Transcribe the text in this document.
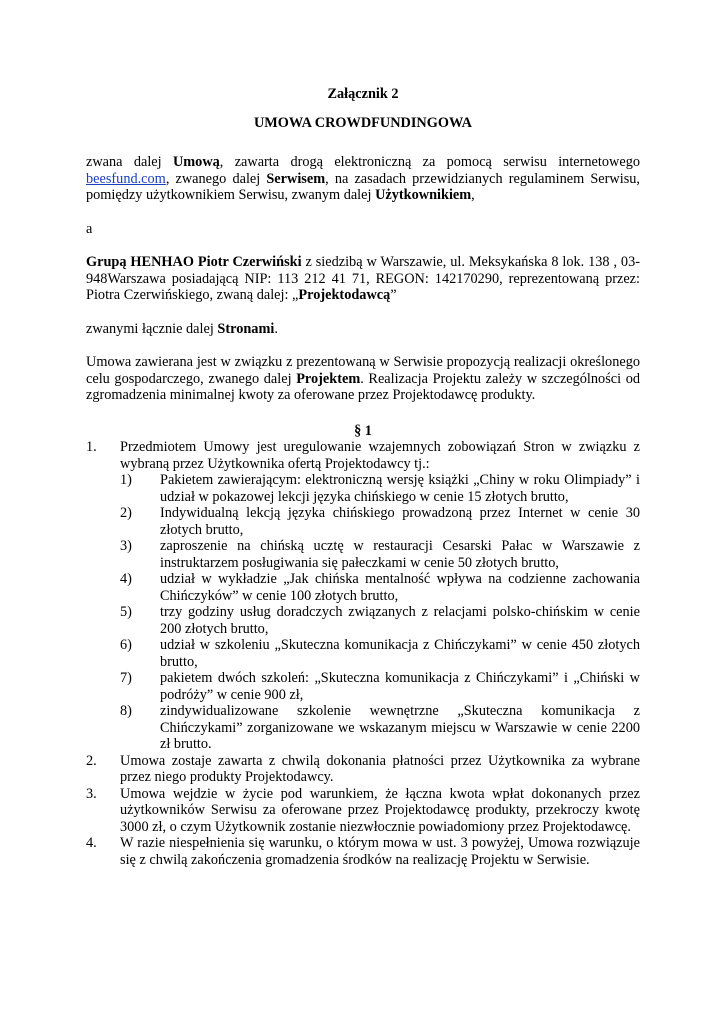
Załącznik 2
UMOWA CROWDFUNDINGOWA

zwana dalej Umową, zawarta drogą elektroniczną za pomocą serwisu internetowego beesfund.com, zwanego dalej Serwisem, na zasadach przewidzianych regulaminem Serwisu, pomiędzy użytkownikiem Serwisu, zwanym dalej Użytkownikiem,

a

Grupą HENHAO Piotr Czerwiński z siedzibą w Warszawie, ul. Meksykańska 8 lok. 138 , 03-948Warszawa posiadającą NIP: 113 212 41 71, REGON: 142170290, reprezentowaną przez: Piotra Czerwińskiego, zwaną dalej: „Projektodawcą”

zwanymi łącznie dalej Stronami.

Umowa zawierana jest w związku z prezentowaną w Serwisie propozycją realizacji określonego celu gospodarczego, zwanego dalej Projektem. Realizacja Projektu zależy w szczególności od zgromadzenia minimalnej kwoty za oferowane przez Projektodawcę produkty.

§ 1
1. Przedmiotem Umowy jest uregulowanie wzajemnych zobowiązań Stron w związku z wybraną przez Użytkownika ofertą Projektodawcy tj.:
1) Pakietem zawierającym: elektroniczną wersję książki „Chiny w roku Olimpiady” i udział w pokazowej lekcji języka chińskiego w cenie 15 złotych brutto,
2) Indywidualną lekcją języka chińskiego prowadzoną przez Internet w cenie 30 złotych brutto,
3) zaproszenie na chińską ucztę w restauracji Cesarski Pałac w Warszawie z instruktarzem posługiwania się pałeczkami w cenie 50 złotych brutto,
4) udział w wykładzie „Jak chińska mentalność wpływa na codzienne zachowania Chińczyków” w cenie 100 złotych brutto,
5) trzy godziny usług doradczych związanych z relacjami polsko-chińskim w cenie 200 złotych brutto,
6) udział w szkoleniu „Skuteczna komunikacja z Chińczykami” w cenie 450 złotych brutto,
7) pakietem dwóch szkoleń: „Skuteczna komunikacja z Chińczykami” i „Chiński w podróży” w cenie 900 zł,
8) zindywidualizowane szkolenie wewnętrzne „Skuteczna komunikacja z Chińczykami” zorganizowane we wskazanym miejscu w Warszawie w cenie 2200 zł brutto.
2. Umowa zostaje zawarta z chwilą dokonania płatności przez Użytkownika za wybrane przez niego produkty Projektodawcy.
3. Umowa wejdzie w życie pod warunkiem, że łączna kwota wpłat dokonanych przez użytkowników Serwisu za oferowane przez Projektodawcę produkty, przekroczy kwotę 3000 zł, o czym Użytkownik zostanie niezwłocznie powiadomiony przez Projektodawcę.
4. W razie niespełnienia się warunku, o którym mowa w ust. 3 powyżej, Umowa rozwiązuje się z chwilą zakończenia gromadzenia środków na realizację Projektu w Serwisie.
